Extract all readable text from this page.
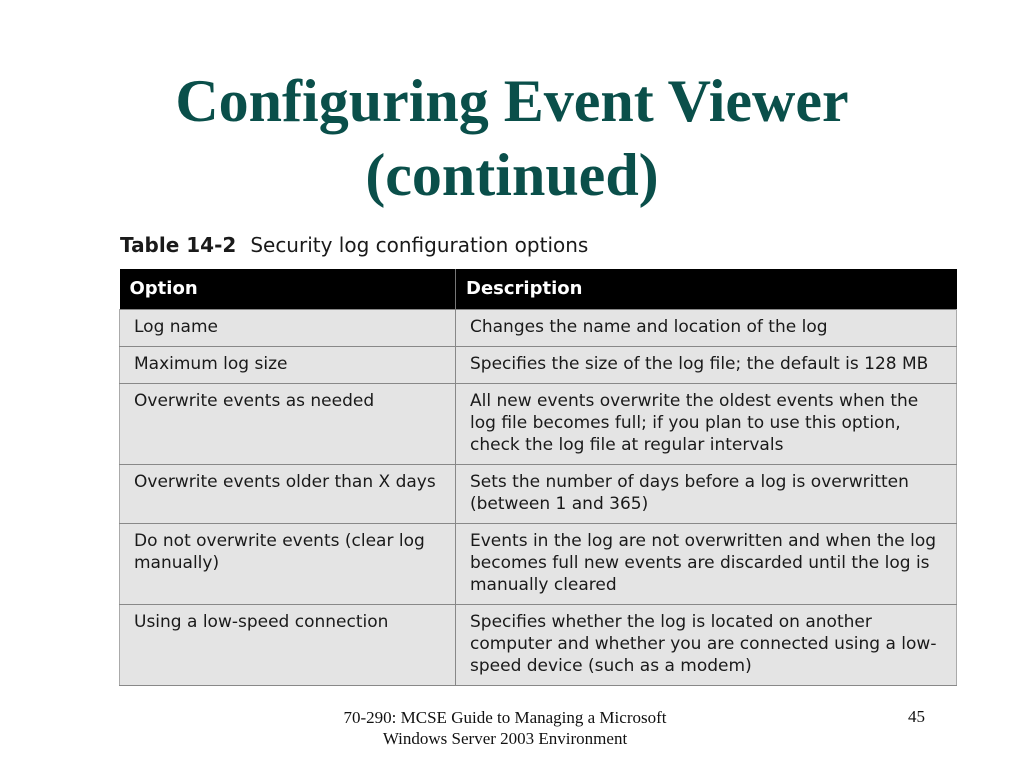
Configuring Event Viewer
(continued)
Table 14-2 Security log configuration options
Option	Description
Log name	Changes the name and location of the log
Maximum log size	Specifies the size of the log file; the default is 128 MB
Overwrite events as needed	All new events overwrite the oldest events when the log file becomes full; if you plan to use this option, check the log file at regular intervals
Overwrite events older than X days	Sets the number of days before a log is overwritten (between 1 and 365)
Do not overwrite events (clear log manually)	Events in the log are not overwritten and when the log becomes full new events are discarded until the log is manually cleared
Using a low-speed connection	Specifies whether the log is located on another computer and whether you are connected using a low-speed device (such as a modem)
70-290: MCSE Guide to Managing a Microsoft
Windows Server 2003 Environment
45
